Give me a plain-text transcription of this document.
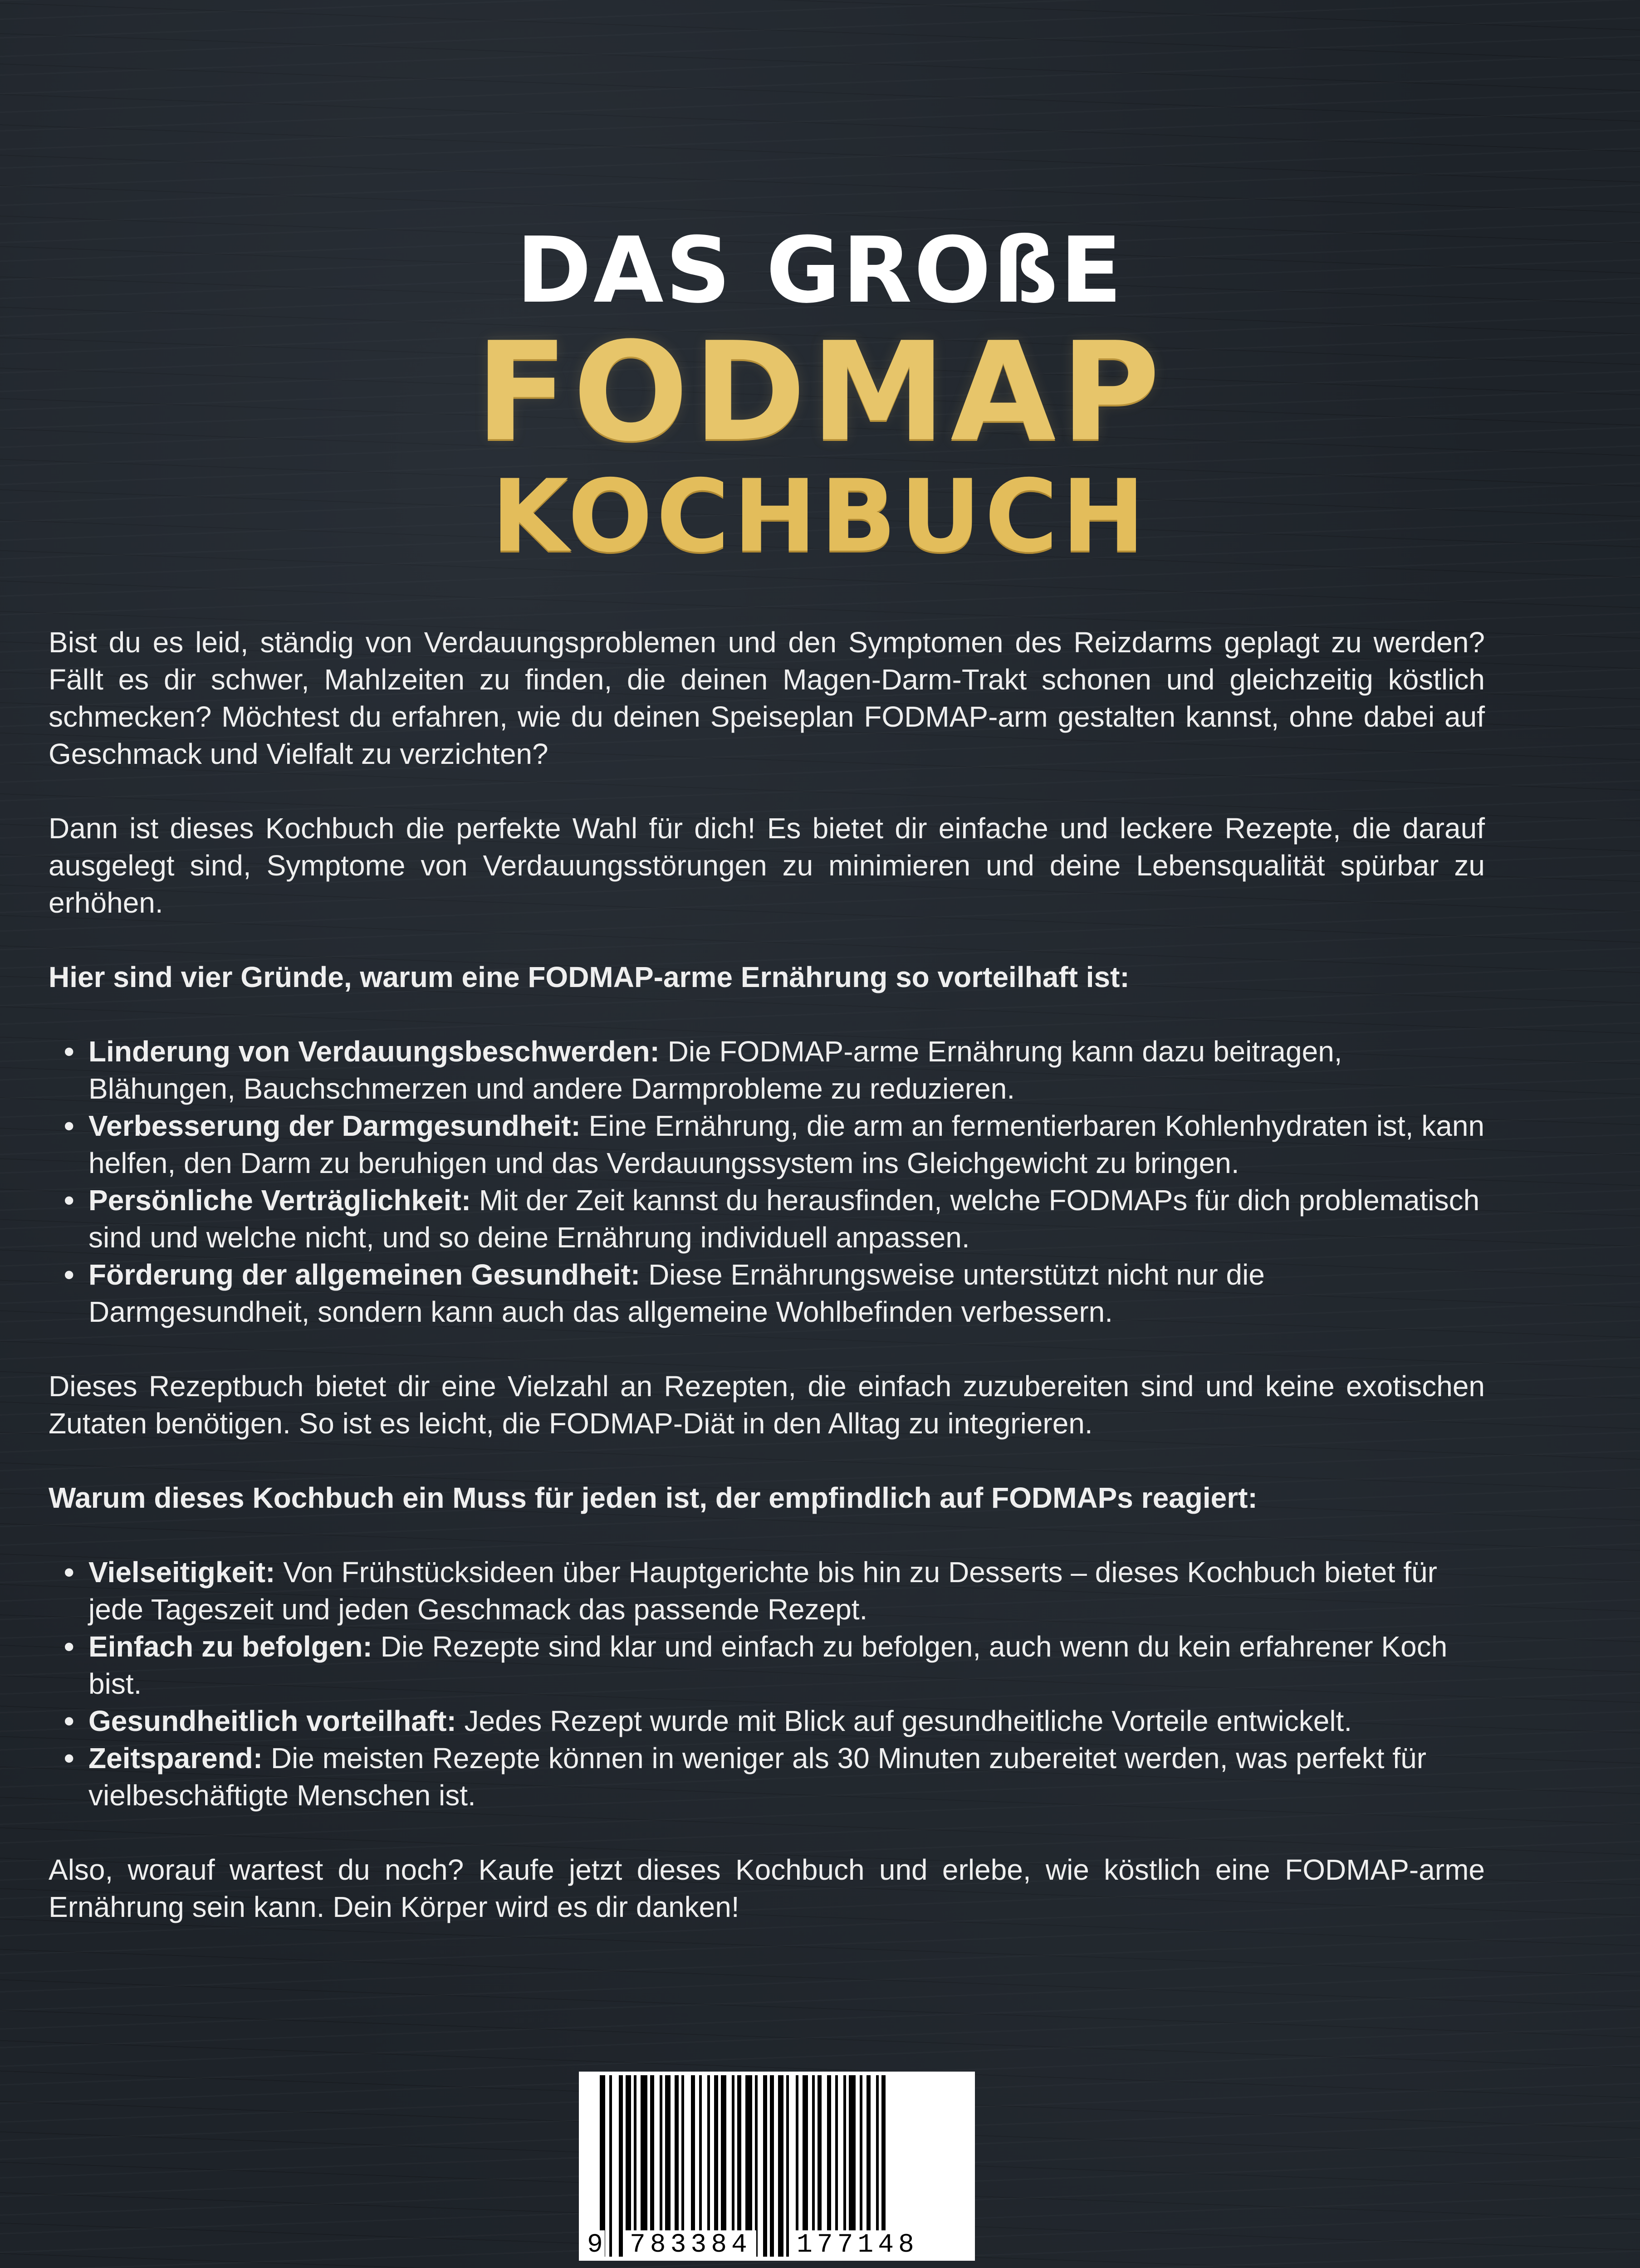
DAS GROßE
FODMAP
KOCHBUCH

Bist du es leid, ständig von Verdauungsproblemen und den Symptomen des Reizdarms geplagt zu werden? Fällt es dir schwer, Mahlzeiten zu finden, die deinen Magen-Darm-Trakt schonen und gleichzeitig köstlich schmecken? Möchtest du erfahren, wie du deinen Speiseplan FODMAP-arm gestalten kannst, ohne dabei auf Geschmack und Vielfalt zu verzichten?

Dann ist dieses Kochbuch die perfekte Wahl für dich! Es bietet dir einfache und leckere Rezepte, die darauf ausgelegt sind, Symptome von Verdauungsstörungen zu minimieren und deine Lebensqualität spürbar zu erhöhen.

Hier sind vier Gründe, warum eine FODMAP-arme Ernährung so vorteilhaft ist:

• Linderung von Verdauungsbeschwerden: Die FODMAP-arme Ernährung kann dazu beitragen, Blähungen, Bauchschmerzen und andere Darmprobleme zu reduzieren.
• Verbesserung der Darmgesundheit: Eine Ernährung, die arm an fermentierbaren Kohlenhydraten ist, kann helfen, den Darm zu beruhigen und das Verdauungssystem ins Gleichgewicht zu bringen.
• Persönliche Verträglichkeit: Mit der Zeit kannst du herausfinden, welche FODMAPs für dich problematisch sind und welche nicht, und so deine Ernährung individuell anpassen.
• Förderung der allgemeinen Gesundheit: Diese Ernährungsweise unterstützt nicht nur die Darmgesundheit, sondern kann auch das allgemeine Wohlbefinden verbessern.

Dieses Rezeptbuch bietet dir eine Vielzahl an Rezepten, die einfach zuzubereiten sind und keine exotischen Zutaten benötigen. So ist es leicht, die FODMAP-Diät in den Alltag zu integrieren.

Warum dieses Kochbuch ein Muss für jeden ist, der empfindlich auf FODMAPs reagiert:

• Vielseitigkeit: Von Frühstücksideen über Hauptgerichte bis hin zu Desserts – dieses Kochbuch bietet für jede Tageszeit und jeden Geschmack das passende Rezept.
• Einfach zu befolgen: Die Rezepte sind klar und einfach zu befolgen, auch wenn du kein erfahrener Koch bist.
• Gesundheitlich vorteilhaft: Jedes Rezept wurde mit Blick auf gesundheitliche Vorteile entwickelt.
• Zeitsparend: Die meisten Rezepte können in weniger als 30 Minuten zubereitet werden, was perfekt für vielbeschäftigte Menschen ist.

Also, worauf wartest du noch? Kaufe jetzt dieses Kochbuch und erlebe, wie köstlich eine FODMAP-arme Ernährung sein kann. Dein Körper wird es dir danken!

9 783384 177148
